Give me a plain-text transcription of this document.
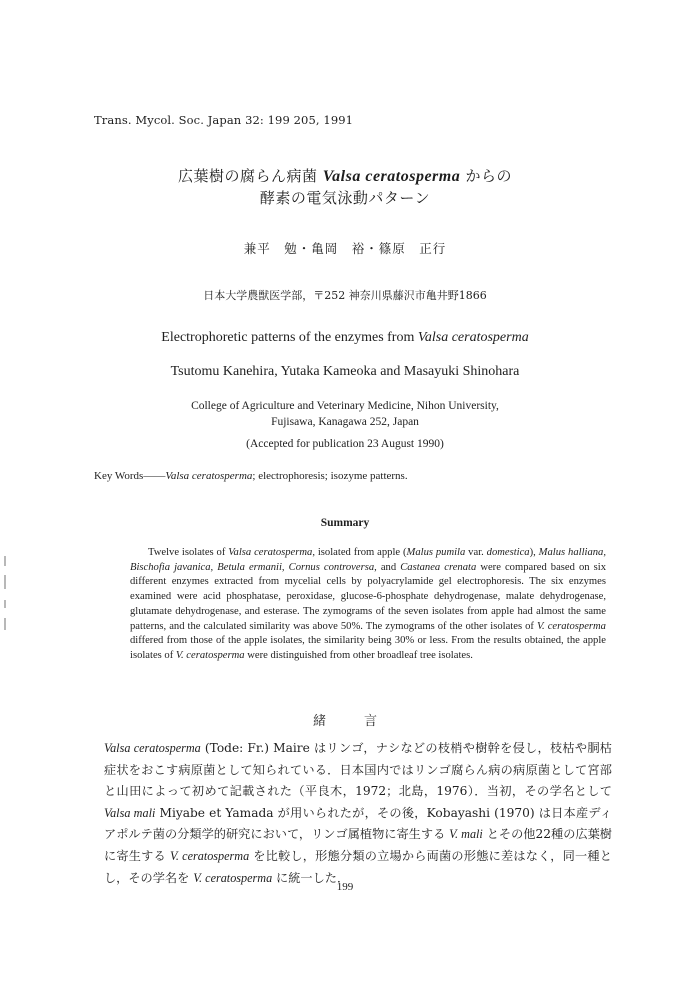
Trans. Mycol. Soc. Japan 32: 199 205, 1991
広葉樹の腐らん病菌 Valsa ceratosperma からの
酵素の電気泳動パターン
兼平　勉・亀岡　裕・篠原　正行
日本大学農獣医学部，〒252 神奈川県藤沢市亀井野1866
Electrophoretic patterns of the enzymes from Valsa ceratosperma
Tsutomu Kanehira, Yutaka Kameoka and Masayuki Shinohara
College of Agriculture and Veterinary Medicine, Nihon University,
Fujisawa, Kanagawa 252, Japan
(Accepted for publication 23 August 1990)
Key Words——Valsa ceratosperma; electrophoresis; isozyme patterns.
Summary
Twelve isolates of Valsa ceratosperma, isolated from apple (Malus pumila var. domestica), Malus halliana, Bischofia javanica, Betula ermanii, Cornus controversa, and Castanea crenata were compared based on six different enzymes extracted from mycelial cells by polyacrylamide gel electrophoresis. The six enzymes examined were acid phosphatase, peroxidase, glucose-6-phosphate dehydrogenase, malate dehydrogenase, glutamate dehydrogenase, and esterase. The zymograms of the seven isolates from apple had almost the same patterns, and the calculated similarity was above 50%. The zymograms of the other isolates of V. ceratosperma differed from those of the apple isolates, the similarity being 30% or less. From the results obtained, the apple isolates of V. ceratosperma were distinguished from other broadleaf tree isolates.
緒言
Valsa ceratosperma (Tode: Fr.) Maire はリンゴ，ナシなどの枝梢や樹幹を侵し，枝枯や胴枯症状をおこす病原菌として知られている．日本国内ではリンゴ腐らん病の病原菌として宮部と山田によって初めて記載された（平良木，1972；北島，1976）．当初，その学名として Valsa mali Miyabe et Yamada が用いられたが，その後，Kobayashi (1970) は日本産ディアポルテ菌の分類学的研究において，リンゴ属植物に寄生する V. mali とその他22種の広葉樹に寄生する V. ceratosperma を比較し，形態分類の立場から両菌の形態に差はなく，同一種とし，その学名を V. ceratosperma に統一した．
199
